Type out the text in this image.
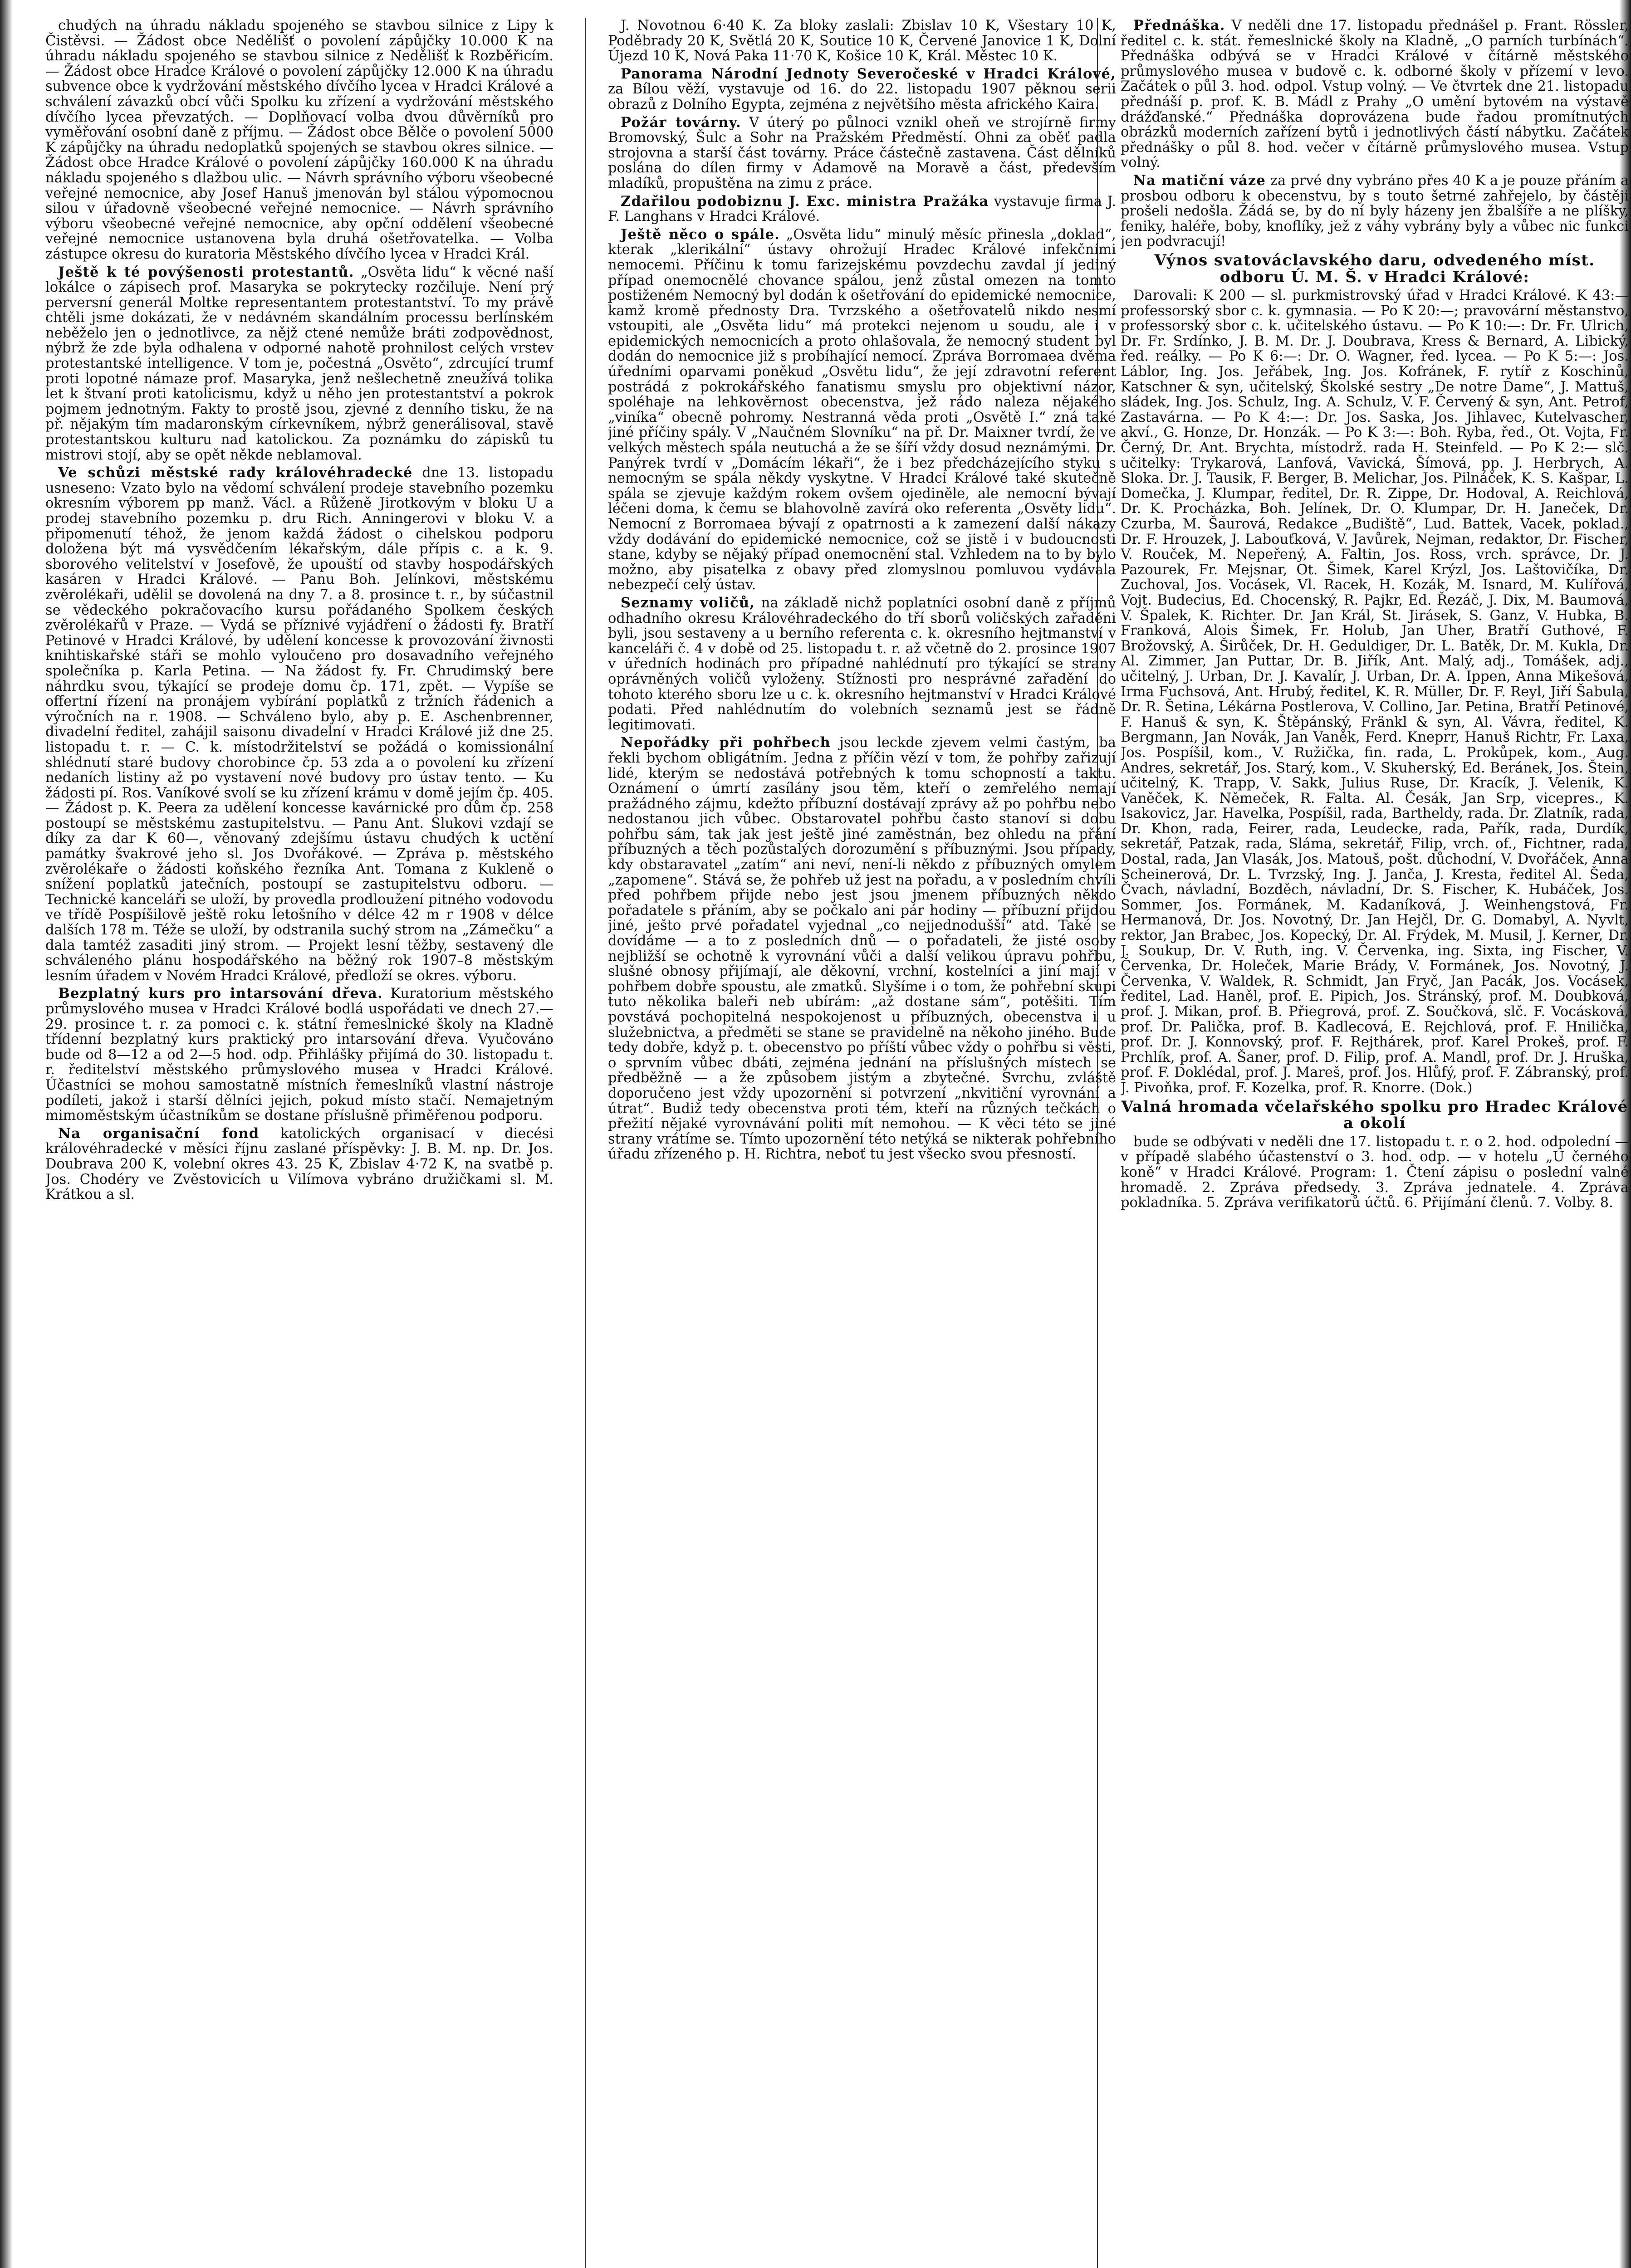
chudých na úhradu nákladu spojeného se stavbou silnice z Lipy k Čistěvsi. — Žádost obce Nedělišť o povolení zápůjčky 10.000 K na úhradu nákladu spojeného se stavbou silnice z Nedělišť k Rozběřicím. — Žádost obce Hradce Králové o povolení zápůjčky 12.000 K na úhradu subvence obce k vydržování městského dívčího lycea v Hradci Králové a schválení závazků obcí vůči Spolku ku zřízení a vydržování městského dívčího lycea převzatých. — Doplňovací volba dvou důvěrníků pro vyměřování osobní daně z příjmu. — Žádost obce Bělče o povolení 5000 K zápůjčky na úhradu nedoplatků spojených se stavbou okres silnice. — Žádost obce Hradce Králové o povolení zápůjčky 160.000 K na úhradu nákladu spojeného s dlažbou ulic. — Návrh správního výboru všeobecné veřejné nemocnice, aby Josef Hanuš jmenován byl stálou výpomocnou silou v úřadovně všeobecné veřejné nemocnice. — Návrh správního výboru všeobecné veřejné nemocnice, aby opční oddělení všeobecné veřejné nemocnice ustanovena byla druhá ošetřovatelka. — Volba zástupce okresu do kuratoria Městského dívčího lycea v Hradci Král.

Ještě k té povýšenosti protestantů. „Osvěta lidu“ k věcné naší lokálce o zápisech prof. Masaryka se pokrytecky rozčiluje. Není prý perversní generál Moltke representantem protestantství. To my právě chtěli jsme dokázati, že v nedávném skandálním processu berlínském neběželo jen o jednotlivce, za nějž ctené nemůže bráti zodpovědnost, nýbrž že zde byla odhalena v odporné nahotě prohnilost celých vrstev protestantské intelligence. V tom je, počestná „Osvěto“, zdrcující trumf proti lopotné námaze prof. Masaryka, jenž nešlechetně zneužívá tolika let k štvaní proti katolicismu, když u něho jen protestantství a pokrok pojmem jednotným. Fakty to prostě jsou, zjevné z denního tisku, že na př. nějakým tím madaronským církevníkem, nýbrž generálisoval, stavě protestantskou kulturu nad katolickou. Za poznámku do zápisků tu mistrovi stojí, aby se opět někde neblamoval.

Ve schůzi městské rady královéhradecké dne 13. listopadu usneseno: Vzato bylo na vědomí schválení prodeje stavebního pozemku okresním výborem pp manž. Václ. a Růženě Jirotkovým v bloku U a prodej stavebního pozemku p. dru Rich. Anningerovi v bloku V. a připomenutí téhož, že jenom každá žádost o cihelskou podporu doložena být má vysvědčením lékařským, dále přípis c. a k. 9. sborového velitelství v Josefově, že upouští od stavby hospodářských kasáren v Hradci Králové. — Panu Boh. Jelínkovi, městskému zvěrolékaři, udělil se dovolená na dny 7. a 8. prosince t. r., by súčastnil se vědeckého pokračovacího kursu pořádaného Spolkem českých zvěrolékařů v Praze. — Vydá se příznivé vyjádření o žádosti fy. Bratří Petinové v Hradci Králové, by udělení koncesse k provozování živnosti knihtiskařské stáři se mohlo vyloučeno pro dosavadního veřejného společníka p. Karla Petina. — Na žádost fy. Fr. Chrudimský bere náhrdku svou, týkající se prodeje domu čp. 171, zpět. — Vypíše se offertní řízení na pronájem vybírání poplatků z tržních řádenich a výročních na r. 1908. — Schváleno bylo, aby p. E. Aschenbrenner, divadelní ředitel, zahájil saisonu divadelní v Hradci Králové již dne 25. listopadu t. r. — C. k. místodržitelství se požádá o komissionální shlédnutí staré budovy chorobince čp. 53 zda a o povolení ku zřízení nedaních listiny až po vystavení nové budovy pro ústav tento. — Ku žádosti pí. Ros. Vaníkové svolí se ku zřízení krámu v domě jejím čp. 405. — Žádost p. K. Peera za udělení koncesse kavárnické pro dům čp. 258 postoupí se městskému zastupitelstvu. — Panu Ant. Slukovi vzdají se díky za dar K 60—, věnovaný zdejšímu ústavu chudých k uctění památky švakrové jeho sl. Jos Dvořákové. — Zpráva p. městského zvěrolékaře o žádosti koňského řezníka Ant. Tomana z Kukleně o snížení poplatků jatečních, postoupí se zastupitelstvu odboru. — Technické kanceláři se uloží, by provedla prodloužení pitného vodovodu ve třídě Pospíšilově ještě roku letošního v délce 42 m r 1908 v délce dalších 178 m. Téže se uloží, by odstranila suchý strom na „Zámečku“ a dala tamtéž zasaditi jiný strom. — Projekt lesní těžby, sestavený dle schváleného plánu hospodářského na běžný rok 1907–8 městským lesním úřadem v Novém Hradci Králové, předloží se okres. výboru.

Bezplatný kurs pro intarsování dřeva. Kuratorium městského průmyslového musea v Hradci Králové bodlá uspořádati ve dnech 27.—29. prosince t. r. za pomoci c. k. státní řemeslnické školy na Kladně třídenní bezplatný kurs praktický pro intarsování dřeva. Vyučováno bude od 8—12 a od 2—5 hod. odp. Přihlášky přijímá do 30. listopadu t. r. ředitelství městského průmyslového musea v Hradci Králové. Účastníci se mohou samostatně místních řemeslníků vlastní nástroje podíleti, jakož i starší dělníci jejich, pokud místo stačí. Nemajetným mimoměstským účastníkům se dostane příslušně přiměřenou podporu.

Na organisační fond katolických organisací v diecési královéhradecké v měsíci říjnu zaslané příspěvky: J. B. M. np. Dr. Jos. Doubrava 200 K, volební okres 43. 25 K, Zbislav 4·72 K, na svatbě p. Jos. Chodéry ve Zvěstovicích u Vilímova vybráno družičkami sl. M. Krátkou a sl.

J. Novotnou 6·40 K. Za bloky zaslali: Zbislav 10 K, Všestary 10 K, Poděbrady 20 K, Světlá 20 K, Soutice 10 K, Červené Janovice 1 K, Dolní Újezd 10 K, Nová Paka 11·70 K, Košice 10 K, Král. Městec 10 K.

Panorama Národní Jednoty Severočeské v Hradci Králové, za Bílou věží, vystavuje od 16. do 22. listopadu 1907 pěknou serii obrazů z Dolního Egypta, zejména z největšího města afrického Kaira.

Požár továrny. V úterý po půlnoci vznikl oheň ve strojírně firmy Bromovský, Šulc a Sohr na Pražském Předměstí. Ohni za oběť padla strojovna a starší část továrny. Práce částečně zastavena. Část dělníků poslána do dílen firmy v Adamově na Moravě a část, především mladíků, propuštěna na zimu z práce.

Zdařilou podobiznu J. Exc. ministra Pražáka vystavuje firma J. F. Langhans v Hradci Králové.

Ještě něco o spále. „Osvěta lidu“ minulý měsíc přinesla „doklad“, kterak „klerikální“ ústavy ohrožují Hradec Králové infekčními nemocemi. Příčinu k tomu farizejskému povzdechu zavdal jí jediný případ onemocnělé chovance spálou, jenž zůstal omezen na tomto postiženém Nemocný byl dodán k ošetřování do epidemické nemocnice, kamž kromě přednosty Dra. Tvrzského a ošetřovatelů nikdo nesmí vstoupiti, ale „Osvěta lidu“ má protekci nejenom u soudu, ale i v epidemických nemocnicích a proto ohlašovala, že nemocný student byl dodán do nemocnice již s probíhající nemocí. Zpráva Borromaea dvěma úředními oparvami poněkud „Osvětu lidu“, že její zdravotní referent postrádá z pokrokářského fanatismu smyslu pro objektivní názor, spoléhaje na lehkověrnost obecenstva, jež rádo naleza nějakého „viníka“ obecně pohromy. Nestranná věda proti „Osvětě I.“ zná také jiné příčiny spály. V „Naučném Slovníku“ na př. Dr. Maixner tvrdí, že ve velkých městech spála neutuchá a že se šíří vždy dosud neznámými. Dr. Panýrek tvrdí v „Domácím lékaři“, že i bez předcházejícího styku s nemocným se spála někdy vyskytne. V Hradci Králové také skutečně spála se zjevuje každým rokem ovšem ojediněle, ale nemocní bývají léčeni doma, k čemu se blahovolně zavírá oko referenta „Osvěty lidu“. Nemocní z Borromaea bývají z opatrnosti a k zamezení další nákazy vždy dodávání do epidemické nemocnice, což se jistě i v budoucnosti stane, kdyby se nějaký případ onemocnění stal. Vzhledem na to by bylo možno, aby pisatelka z obavy před zlomyslnou pomluvou vydávala nebezpečí celý ústav.

Seznamy voličů, na základě nichž poplatníci osobní daně z příjmů odhadního okresu Královéhradeckého do tří sborů voličských zařaděni byli, jsou sestaveny a u berního referenta c. k. okresního hejtmanství v kanceláři č. 4 v době od 25. listopadu t. r. až včetně do 2. prosince 1907 v úředních hodinách pro případné nahlédnutí pro týkající se strany oprávněných voličů vyloženy. Stížnosti pro nesprávné zařadění do tohoto kterého sboru lze u c. k. okresního hejtmanství v Hradci Králové podati. Před nahlédnutím do volebních seznamů jest se řádně legitimovati.

Nepořádky při pohřbech jsou leckde zjevem velmi častým, ba řekli bychom obligátním. Jedna z příčin vězí v tom, že pohřby zařizují lidé, kterým se nedostává potřebných k tomu schopností a taktu. Oznámení o úmrtí zasílány jsou těm, kteří o zemřelého nemají pražádného zájmu, kdežto příbuzní dostávají zprávy až po pohřbu nebo nedostanou jich vůbec. Obstarovatel pohřbu často stanoví si dobu pohřbu sám, tak jak jest ještě jiné zaměstnán, bez ohledu na přání příbuzných a těch pozůstalých dorozumění s příbuznými. Jsou případy, kdy obstaravatel „zatím“ ani neví, není-li někdo z příbuzných omylem „zapomene“. Stává se, že pohřeb už jest na pořadu, a v posledním chvíli před pohřbem přijde nebo jest jsou jmenem příbuzných někdo pořadatele s přáním, aby se počkalo ani pár hodiny — příbuzní přijdou jiné, ješto prvé pořadatel vyjednal „co nejjednodušší“ atd. Také se dovídáme — a to z posledních dnů — o pořadateli, že jisté osoby nejbližší se ochotně k vyrovnání vůči a další velikou úpravu pohřbu, slušné obnosy přijímají, ale děkovní, vrchní, kostelníci a jiní mají v pohřbem dobře spoustu, ale zmatků. Slyšíme i o tom, že pohřební skupi tuto několika baleři neb ubírám: „až dostane sám“, potěšiti. Tím povstává pochopitelná nespokojenost u příbuzných, obecenstva i u služebnictva, a předměti se stane se pravidelně na někoho jiného. Bude tedy dobře, když p. t. obecenstvo po příští vůbec vždy o pohřbu si věsti, o sprvním vůbec dbáti, zejména jednání na příslušných místech se předběžně — a že způsobem jistým a zbytečné. Svrchu, zvláště doporučeno jest vždy upozornění si potvrzení „nkvitiční vyrovnání a útrat“. Budiž tedy obecenstva proti tém, kteří na různých tečkách o přežití nějaké vyrovnávání politi mít nemohou. — K věci této se jiné strany vrátíme se. Tímto upozornění této netýká se nikterak pohřebního úřadu zřízeného p. H. Richtra, neboť tu jest všecko svou přesností.

Přednáška. V neděli dne 17. listopadu přednášel p. Frant. Rössler, ředitel c. k. stát. řemeslnické školy na Kladně, „O parních turbínách“. Přednáška odbývá se v Hradci Králové v čítárně městského průmyslového musea v budově c. k. odborné školy v přízemí v levo. Začátek o půl 3. hod. odpol. Vstup volný. — Ve čtvrtek dne 21. listopadu přednáší p. prof. K. B. Mádl z Prahy „O umění bytovém na výstavě drážďanské.“ Přednáška doprovázena bude řadou promítnutých obrázků moderních zařízení bytů i jednotlivých částí nábytku. Začátek přednášky o půl 8. hod. večer v čítárně průmyslového musea. Vstup volný.

Na matiční váze za prvé dny vybráno přes 40 K a je pouze přáním a prosbou odboru k obecenstvu, by s touto šetrné zahřejelo, by částěji prošeli nedošla. Žádá se, by do ní byly házeny jen žbalšíře a ne plíšky, feniky, haléře, boby, knoflíky, jež z váhy vybrány byly a vůbec nic funkci jen podvracují!

Výnos svatováclavského daru, odvedeného míst. odboru Ú. M. Š. v Hradci Králové:

Darovali: K 200 — sl. purkmistrovský úřad v Hradci Králové. K 43:— professorský sbor c. k. gymnasia. — Po K 20:—; pravovární městanstvo, professorský sbor c. k. učitelského ústavu. — Po K 10:—: Dr. Fr. Ulrich, Dr. Fr. Srdínko, J. B. M. Dr. J. Doubrava, Kress & Bernard, A. Libický, řed. reálky. — Po K 6:—: Dr. O. Wagner, řed. lycea. — Po K 5:—: Jos. Láblor, Ing. Jos. Jeřábek, Ing. Jos. Kofránek, F. rytíř z Koschinů, Katschner & syn, učitelský, Školské sestry „De notre Dame“, J. Mattuš, sládek, Ing. Jos. Schulz, Ing. A. Schulz, V. F. Červený & syn, Ant. Petrof, Zastavárna. — Po K 4:—: Dr. Jos. Saska, Jos. Jihlavec, Kutelvascher, akví., G. Honze, Dr. Honzák. — Po K 3:—: Boh. Ryba, řed., Ot. Vojta, Fr. Černý, Dr. Ant. Brychta, místodrž. rada H. Steinfeld. — Po K 2:— slč. učitelky: Trykarová, Lanfová, Vavická, Šímová, pp. J. Herbrych, A. Sloka. Dr. J. Tausik, F. Berger, B. Melichar, Jos. Pilnáček, K. S. Kašpar, L. Domečka, J. Klumpar, ředitel, Dr. R. Zippe, Dr. Hodoval, A. Reichlová, Dr. K. Procházka, Boh. Jelínek, Dr. O. Klumpar, Dr. H. Janeček, Dr. Czurba, M. Šaurová, Redakce „Budiště“, Lud. Battek, Vacek, poklad., Dr. F. Hrouzek, J. Labouťková, V. Javůrek, Nejman, redaktor, Dr. Fischer, V. Rouček, M. Nepeřený, A. Faltin, Jos. Ross, vrch. správce, Dr. J. Pazourek, Fr. Mejsnar, Ot. Šimek, Karel Krýzl, Jos. Laštovičíka, Dr. Zuchoval, Jos. Vocásek, Vl. Racek, H. Kozák, M. Isnard, M. Kulířová, Vojt. Budecius, Ed. Chocenský, R. Pajkr, Ed. Řezáč, J. Dix, M. Baumová, V. Špalek, K. Richter. Dr. Jan Král, St. Jirásek, S. Ganz, V. Hubka, B. Franková, Alois Šimek, Fr. Holub, Jan Uher, Bratří Guthové, F. Brožovský, A. Širůček, Dr. H. Geduldiger, Dr. L. Batěk, Dr. M. Kukla, Dr. Al. Zimmer, Jan Puttar, Dr. B. Jiřík, Ant. Malý, adj., Tomášek, adj., učitelný, J. Urban, Dr. J. Kavalír, J. Urban, Dr. A. Ippen, Anna Mikešová, Irma Fuchsová, Ant. Hrubý, ředitel, K. R. Müller, Dr. F. Reyl, Jiří Šabula, Dr. R. Šetina, Lékárna Postlerova, V. Collino, Jar. Petina, Bratří Petinové, F. Hanuš & syn, K. Štěpánský, Fränkl & syn, Al. Vávra, ředitel, K. Bergmann, Jan Novák, Jan Vaněk, Ferd. Kneprr, Hanuš Richtr, Fr. Laxa, Jos. Pospíšil, kom., V. Ružička, fin. rada, L. Prokůpek, kom., Aug. Andres, sekretář, Jos. Starý, kom., V. Skuherský, Ed. Beránek, Jos. Štein, učitelný, K. Trapp, V. Sakk, Julius Ruse, Dr. Kracík, J. Velenik, K. Vaněček, K. Němeček, R. Falta. Al. Česák, Jan Srp, vicepres., K. Isakovicz, Jar. Havelka, Pospíšil, rada, Bartheldy, rada. Dr. Zlatník, rada, Dr. Khon, rada, Feirer, rada, Leudecke, rada, Pařík, rada, Durdík, sekretář, Patzak, rada, Sláma, sekretář, Filip, vrch. of., Fichtner, rada, Dostal, rada, Jan Vlasák, Jos. Matouš, pošt. důchodní, V. Dvořáček, Anna Scheinerová, Dr. L. Tvrzský, Ing. J. Janča, J. Kresta, ředitel Al. Šeda, Čvach, návladní, Bozděch, návladní, Dr. S. Fischer, K. Hubáček, Jos. Sommer, Jos. Formánek, M. Kadaníková, J. Weinhengstová, Fr. Hermanová, Dr. Jos. Novotný, Dr. Jan Hejčl, Dr. G. Domabyl, A. Nyvlt, rektor, Jan Brabec, Jos. Kopecký, Dr. Al. Frýdek, M. Musil, J. Kerner, Dr. J. Soukup, Dr. V. Ruth, ing. V. Červenka, ing. Sixta, ing Fischer, V. Červenka, Dr. Holeček, Marie Brády, V. Formánek, Jos. Novotný, J. Červenka, V. Waldek, R. Schmidt, Jan Fryč, Jan Pacák, Jos. Vocásek, ředitel, Lad. Haněl, prof. E. Pipich, Jos. Stránský, prof. M. Doubková, prof. J. Mikan, prof. B. Přiegrová, prof. Z. Součková, slč. F. Vocásková, prof. Dr. Palička, prof. B. Kadlecová, E. Rejchlová, prof. F. Hnilička, prof. Dr. J. Konnovský, prof. F. Rejthárek, prof. Karel Prokeš, prof. F. Prchlík, prof. A. Šaner, prof. D. Filip, prof. A. Mandl, prof. Dr. J. Hruška, prof. F. Doklédal, prof. J. Mareš, prof. Jos. Hlůfý, prof. F. Zábranský, prof. J. Pivoňka, prof. F. Kozelka, prof. R. Knorre. (Dok.)

Valná hromada včelařského spolku pro Hradec Králové a okolí

bude se odbývati v neděli dne 17. listopadu t. r. o 2. hod. odpolední — v případě slabého účastenství o 3. hod. odp. — v hotelu „U černého koně“ v Hradci Králové. Program: 1. Čtení zápisu o poslední valné hromadě. 2. Zpráva předsedy. 3. Zpráva jednatele. 4. Zpráva pokladníka. 5. Zpráva verifikatorů účtů. 6. Přijímání členů. 7. Volby. 8.
